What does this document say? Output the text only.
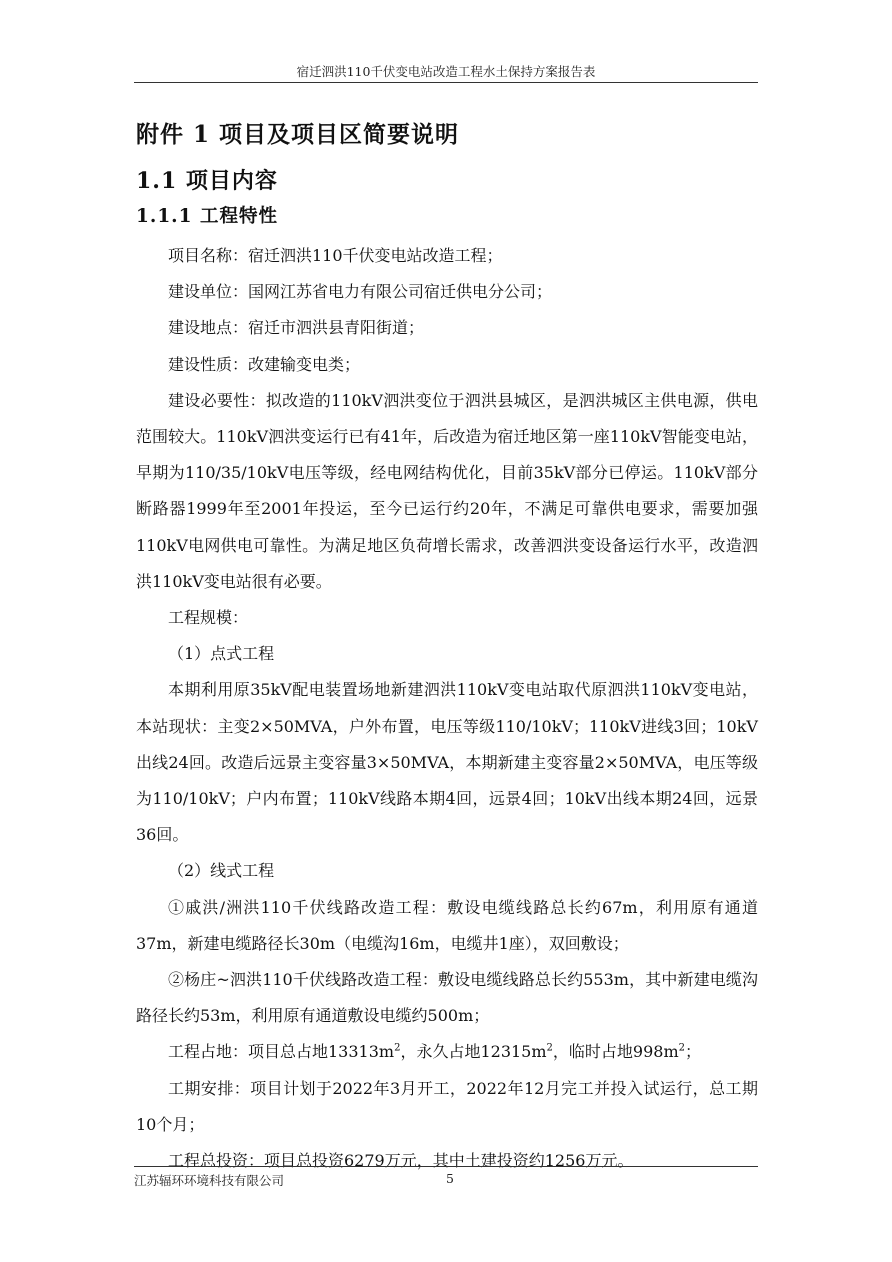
宿迁泗洪110千伏变电站改造工程水土保持方案报告表
附件 1 项目及项目区简要说明
1.1 项目内容
1.1.1 工程特性

项目名称：宿迁泗洪110千伏变电站改造工程；

建设单位：国网江苏省电力有限公司宿迁供电分公司；

建设地点：宿迁市泗洪县青阳街道；

建设性质：改建输变电类；

建设必要性：拟改造的110kV泗洪变位于泗洪县城区，是泗洪城区主供电源，供电范围较大。110kV泗洪变运行已有41年，后改造为宿迁地区第一座110kV智能变电站，早期为110/35/10kV电压等级，经电网结构优化，目前35kV部分已停运。110kV部分断路器1999年至2001年投运，至今已运行约20年，不满足可靠供电要求，需要加强110kV电网供电可靠性。为满足地区负荷增长需求，改善泗洪变设备运行水平，改造泗洪110kV变电站很有必要。

工程规模：

（1）点式工程

本期利用原35kV配电装置场地新建泗洪110kV变电站取代原泗洪110kV变电站，本站现状：主变2×50MVA，户外布置，电压等级110/10kV；110kV进线3回；10kV出线24回。改造后远景主变容量3×50MVA，本期新建主变容量2×50MVA，电压等级为110/10kV；户内布置；110kV线路本期4回，远景4回；10kV出线本期24回，远景36回。

（2）线式工程

①戚洪/洲洪110千伏线路改造工程：敷设电缆线路总长约67m，利用原有通道37m，新建电缆路径长30m（电缆沟16m，电缆井1座），双回敷设；

②杨庄~泗洪110千伏线路改造工程：敷设电缆线路总长约553m，其中新建电缆沟路径长约53m，利用原有通道敷设电缆约500m；

工程占地：项目总占地$13313m^2$，永久占地$12315m^2$，临时占地$998m^2$；

工期安排：项目计划于2022年3月开工，2022年12月完工并投入试运行，总工期10个月；

工程总投资：项目总投资6279万元，其中土建投资约1256万元。

江苏辐环环境科技有限公司	5
